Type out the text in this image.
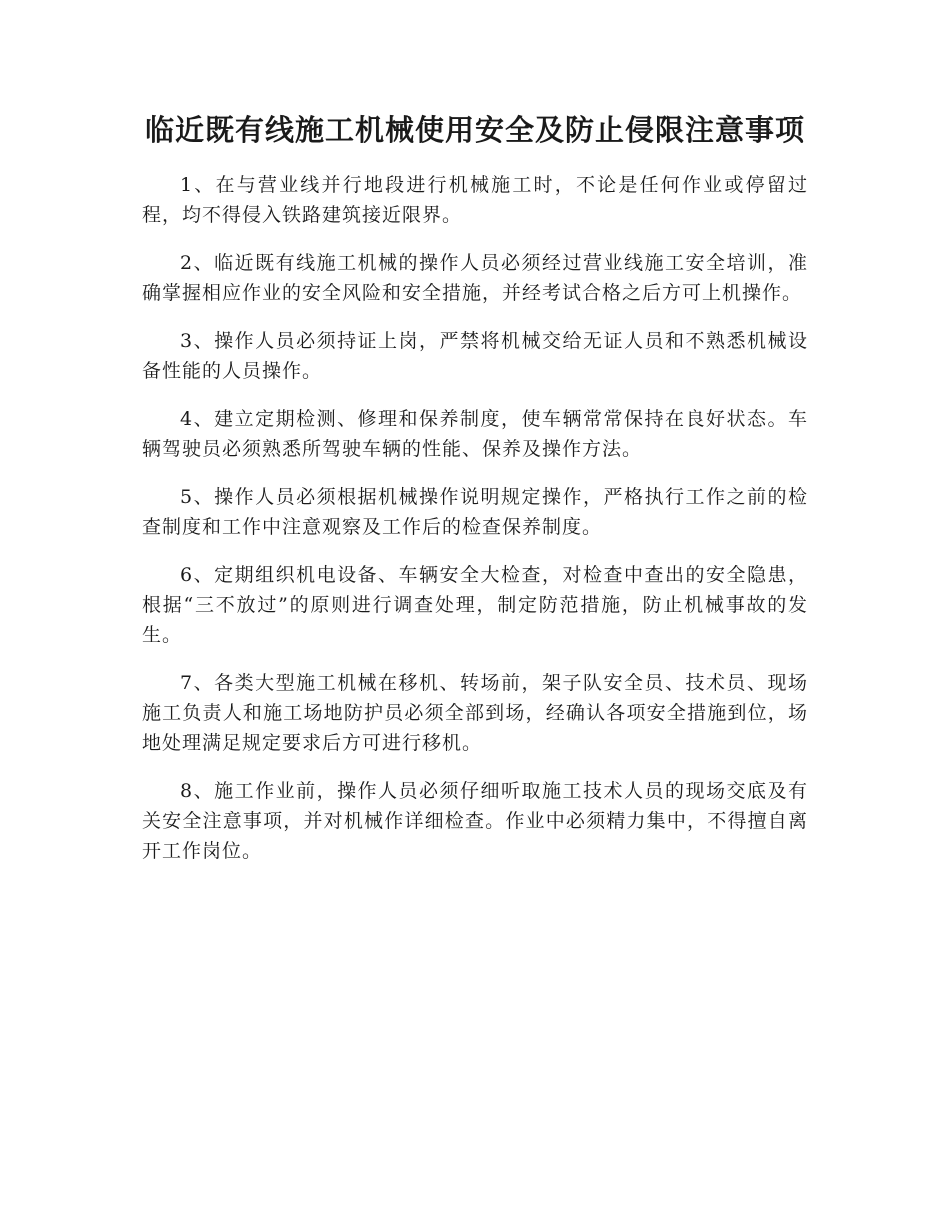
临近既有线施工机械使用安全及防止侵限注意事项

1、在与营业线并行地段进行机械施工时，不论是任何作业或停留过程，均不得侵入铁路建筑接近限界。

2、临近既有线施工机械的操作人员必须经过营业线施工安全培训，准确掌握相应作业的安全风险和安全措施，并经考试合格之后方可上机操作。

3、操作人员必须持证上岗，严禁将机械交给无证人员和不熟悉机械设备性能的人员操作。

4、建立定期检测、修理和保养制度，使车辆常常保持在良好状态。车辆驾驶员必须熟悉所驾驶车辆的性能、保养及操作方法。

5、操作人员必须根据机械操作说明规定操作，严格执行工作之前的检查制度和工作中注意观察及工作后的检查保养制度。

6、定期组织机电设备、车辆安全大检查，对检查中查出的安全隐患，根据“三不放过”的原则进行调查处理，制定防范措施，防止机械事故的发生。

7、各类大型施工机械在移机、转场前，架子队安全员、技术员、现场施工负责人和施工场地防护员必须全部到场，经确认各项安全措施到位，场地处理满足规定要求后方可进行移机。

8、施工作业前，操作人员必须仔细听取施工技术人员的现场交底及有关安全注意事项，并对机械作详细检查。作业中必须精力集中，不得擅自离开工作岗位。
